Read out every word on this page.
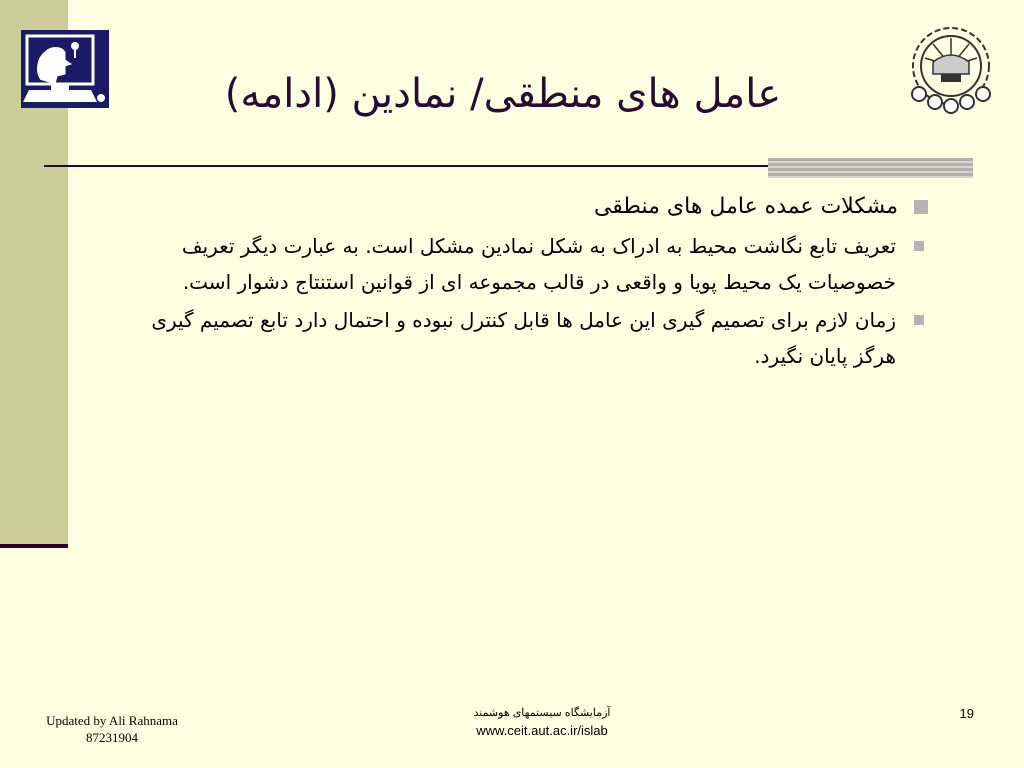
عامل های منطقی/ نمادین (ادامه)
مشکلات عمده عامل های منطقی
تعریف تابع نگاشت محیط به ادراک به شکل نمادین مشکل است. به عبارت دیگر تعریف خصوصیات یک محیط پویا و واقعی در قالب مجموعه ای از قوانین استنتاج دشوار است.
زمان لازم برای تصمیم گیری این عامل ها قابل کنترل نبوده و احتمال دارد تابع تصمیم گیری هرگز پایان نگیرد.
Updated by Ali Rahnama
87231904
آزمایشگاه سیستمهای هوشمند
www.ceit.aut.ac.ir/islab
19
